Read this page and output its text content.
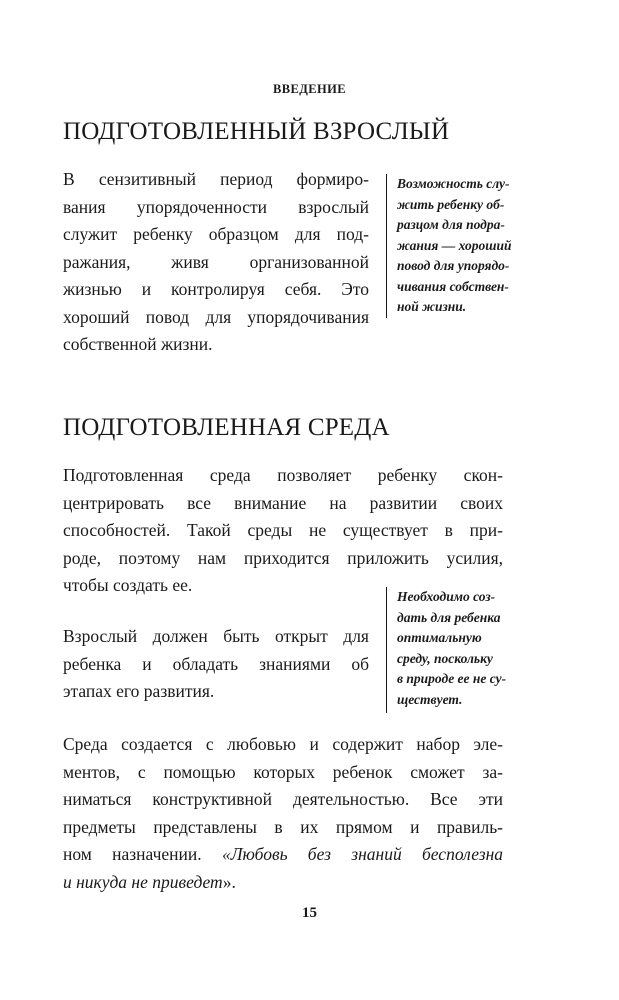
ВВЕДЕНИЕ
ПОДГОТОВЛЕННЫЙ ВЗРОСЛЫЙ
В сензитивный период формиро-
вания упорядоченности взрослый
служит ребенку образцом для под-
ражания, живя организованной
жизнью и контролируя себя. Это
хороший повод для упорядочивания
собственной жизни.
Возможность слу-
жить ребенку об-
разцом для подра-
жания — хороший
повод для упорядо-
чивания собствен-
ной жизни.
ПОДГОТОВЛЕННАЯ СРЕДА
Подготовленная среда позволяет ребенку скон-
центрировать все внимание на развитии своих
способностей. Такой среды не существует в при-
роде, поэтому нам приходится приложить усилия,
чтобы создать ее.
Взрослый должен быть открыт для
ребенка и обладать знаниями об
этапах его развития.
Необходимо соз-
дать для ребенка
оптимальную
среду, поскольку
в природе ее не су-
ществует.
Среда создается с любовью и содержит набор эле-
ментов, с помощью которых ребенок сможет за-
ниматься конструктивной деятельностью. Все эти
предметы представлены в их прямом и правиль-
ном назначении. «Любовь без знаний бесполезна
и никуда не приведет».
15
